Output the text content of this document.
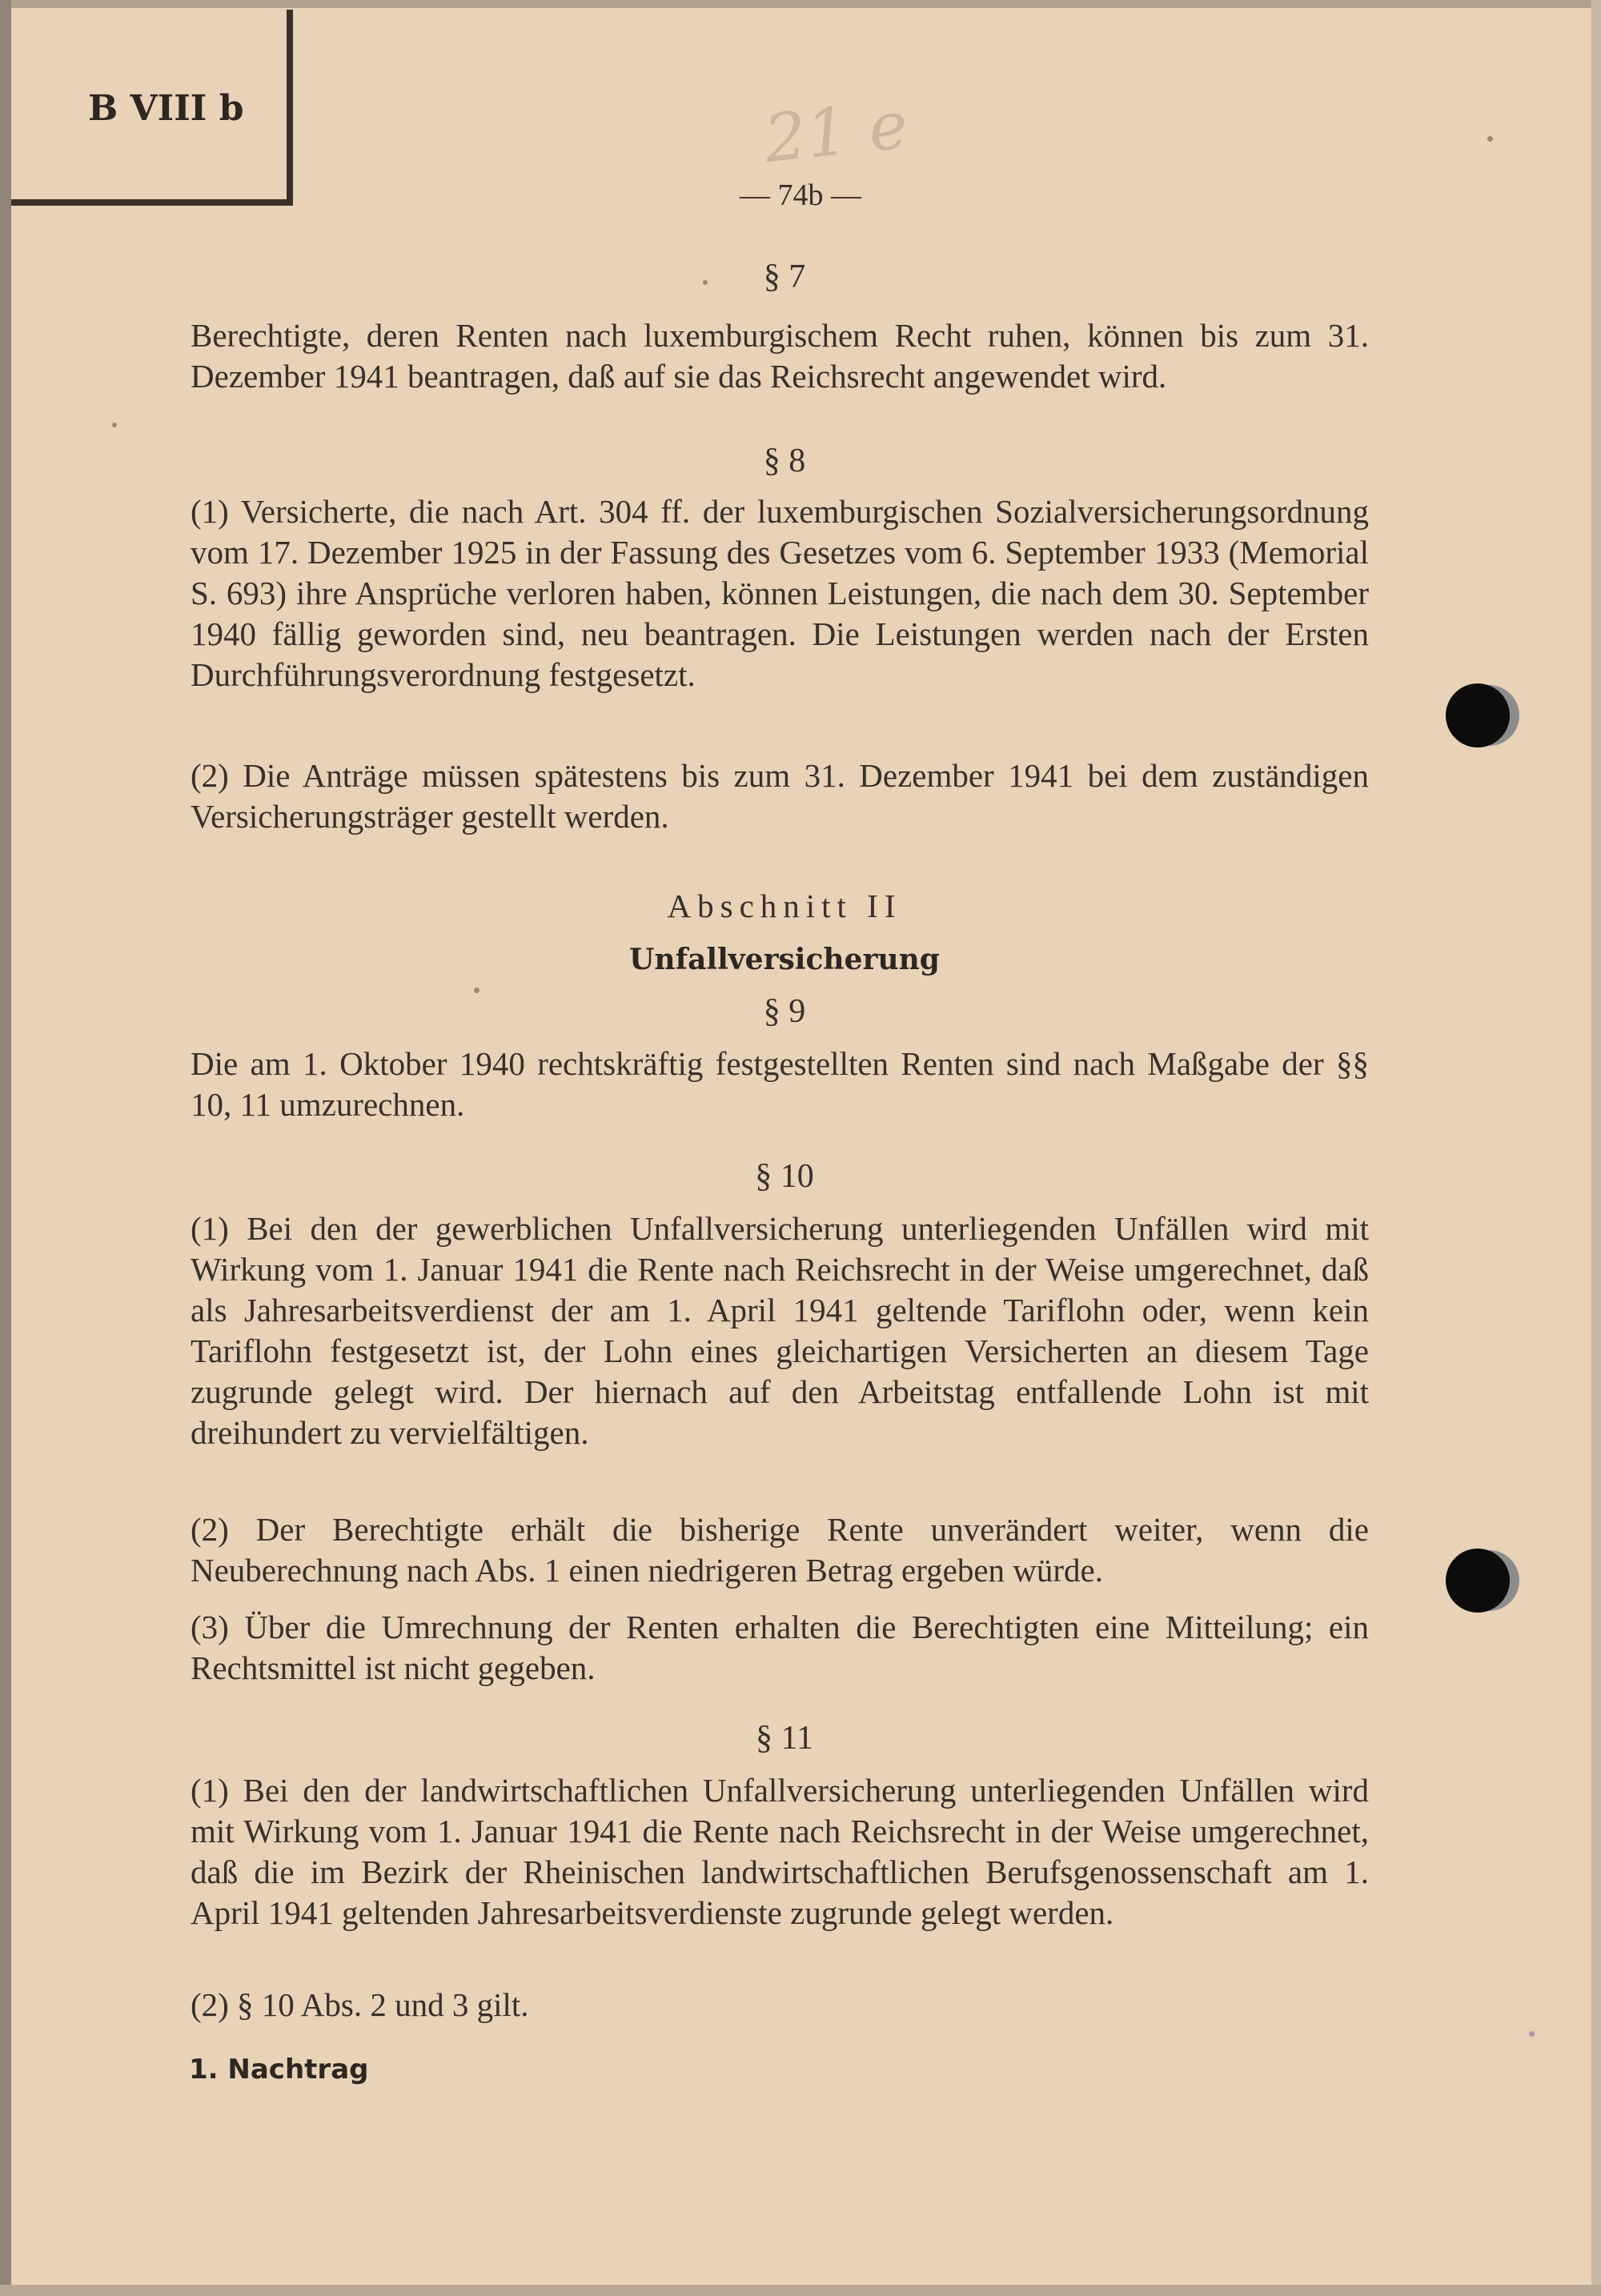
B VIII b	21 e
— 74b —
§ 7
Berechtigte, deren Renten nach luxemburgischem Recht ruhen, können bis zum 31. Dezember 1941 beantragen, daß auf sie das Reichsrecht angewendet wird.
§ 8
(1) Versicherte, die nach Art. 304 ff. der luxemburgischen Sozialversicherungsordnung vom 17. Dezember 1925 in der Fassung des Gesetzes vom 6. September 1933 (Memorial S. 693) ihre Ansprüche verloren haben, können Leistungen, die nach dem 30. September 1940 fällig geworden sind, neu beantragen. Die Leistungen werden nach der Ersten Durchführungsverordnung festgesetzt.
(2) Die Anträge müssen spätestens bis zum 31. Dezember 1941 bei dem zuständigen Versicherungsträger gestellt werden.
Abschnitt II
Unfallversicherung
§ 9
Die am 1. Oktober 1940 rechtskräftig festgestellten Renten sind nach Maßgabe der §§ 10, 11 umzurechnen.
§ 10
(1) Bei den der gewerblichen Unfallversicherung unterliegenden Unfällen wird mit Wirkung vom 1. Januar 1941 die Rente nach Reichsrecht in der Weise umgerechnet, daß als Jahresarbeitsverdienst der am 1. April 1941 geltende Tariflohn oder, wenn kein Tariflohn festgesetzt ist, der Lohn eines gleichartigen Versicherten an diesem Tage zugrunde gelegt wird. Der hiernach auf den Arbeitstag entfallende Lohn ist mit dreihundert zu vervielfältigen.
(2) Der Berechtigte erhält die bisherige Rente unverändert weiter, wenn die Neuberechnung nach Abs. 1 einen niedrigeren Betrag ergeben würde.
(3) Über die Umrechnung der Renten erhalten die Berechtigten eine Mitteilung; ein Rechtsmittel ist nicht gegeben.
§ 11
(1) Bei den der landwirtschaftlichen Unfallversicherung unterliegenden Unfällen wird mit Wirkung vom 1. Januar 1941 die Rente nach Reichsrecht in der Weise umgerechnet, daß die im Bezirk der Rheinischen landwirtschaftlichen Berufsgenossenschaft am 1. April 1941 geltenden Jahresarbeitsverdienste zugrunde gelegt werden.
(2) § 10 Abs. 2 und 3 gilt.
1. Nachtrag
